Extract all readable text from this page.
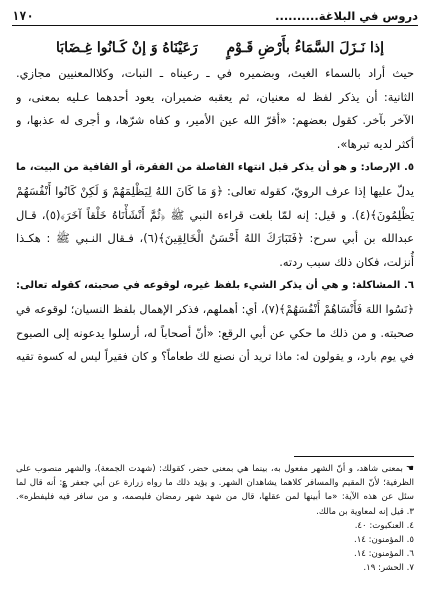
دروس في البلاغة..........
١٧٠
إذا نَـزَلَ السَّمَاءُ بأَرْضِ قَـوْمٍ
رَعَيْنَاهُ وَ إنْ كَـانُوا غِـضَابَا

حيث أراد بالسماء الغيث، وبضميره في ـ رعيناه ـ النبات، وكلاالمعنيين مجازي.

الثانية: أن يذكر لفظ له معنيان، ثم يعقبه ضميران، يعود أحدهما عـليه بمعنى، و

الآخر بآخر. كقول بعضهم: «أقرّ الله عين الأمير، و كفاه شرّها، و أجرى له عذبها، و

أكثر لديه تبرها».

٥. الإرصاد: و هو أن يذكر قبل انتهاء الفاصلة من الفقرة، أو القافية من البيت، ما

يدلّ عليها إذا عرف الرويّ، كقوله تعالى: ﴿وَ مَا كَانَ اللهُ لِيَظْلِمَهُمْ وَ لَكِنْ كَانُوا أَنْفُسَهُمْ

يَظْلِمُونَ﴾(٤). و قيل: إنه لمّا بلغت قراءة النبي ﷺ ﴿ثُمَّ أَنْشَأْنَاهُ خَلْقاً آخَرَ﴾(٥)، قـال

عبدالله بن أبي سرح: ﴿فَتَبَارَكَ اللهُ أَحْسَنُ الْخَالِقِينَ﴾(٦)، فـقال النـبي ﷺ : هكـذا

أُنزلت، فكان ذلك سبب ردته.

٦. المشاكلة: و هي أن يذكر الشيء بلفظ غيره، لوقوعه في صحبته، كقوله تعالى:

﴿نَسُوا اللهَ فَأَنْسَاهُمْ أَنْفُسَهُمْ﴾(٧)، أي: أهملهم، فذكر الإهمال بلفظ النسيان؛ لوقوعه في

صحبته. و من ذلك ما حكي عن أبي الرقع: «أنّ أصحاباً له، أرسلوا يدعونه إلى الصبوح

في يوم بارد، و يقولون له: ماذا تريد أن نصنع لك طعاماً؟ و كان فقيراً ليس له كسوة تقيه

☚بمعنى شاهد، و أنّ الشهر مفعول به، بينما هي بمعنى حضر، كقولك: (شهدت الجمعة)، والشهر منصوب على

الظرفية؛ لأنّ المقيم والمسافر كلاهما يشاهدان الشهر. و يؤيد ذلك ما رواه زرارة عن أبي جعفر ؏: أنه قال لما

سئل عن هذه الآية: «ما أبينها لمن عقلها، قال من شهد شهر رمضان فليصمه، و من سافر فيه فليفطره».

٣. قيل إنه لمعاوية بن مالك.

٤. العنكبوت: ٤٠.

٥. المؤمنون: ١٤.

٦. المؤمنون: ١٤.

٧. الحشر: ١٩.
